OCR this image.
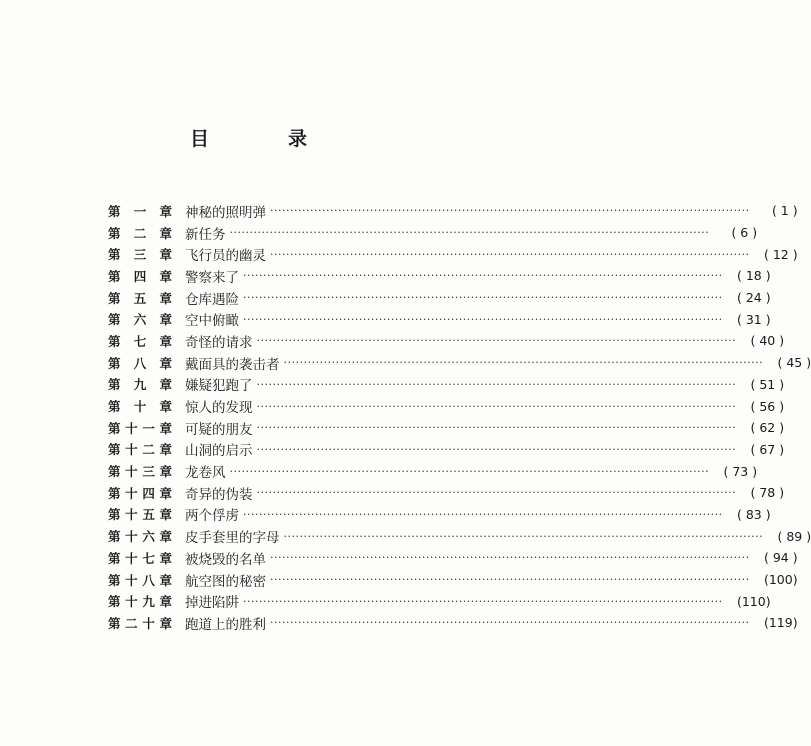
目　录
第 一 章 神秘的照明弹 ························································································································	( 1 )
第 二 章 新任务 ························································································································	( 6 )
第 三 章 飞行员的幽灵 ························································································································	( 12 )
第 四 章 警察来了 ························································································································	( 18 )
第 五 章 仓库遇险 ························································································································	( 24 )
第 六 章 空中俯瞰 ························································································································	( 31 )
第 七 章 奇怪的请求 ························································································································	( 40 )
第 八 章 戴面具的袭击者 ························································································································	( 45 )
第 九 章 嫌疑犯跑了 ························································································································	( 51 )
第 十 章 惊人的发现 ························································································································	( 56 )
第 十 一 章 可疑的朋友 ························································································································	( 62 )
第 十 二 章 山洞的启示 ························································································································	( 67 )
第 十 三 章 龙卷风 ························································································································	( 73 )
第 十 四 章 奇异的伪装 ························································································································	( 78 )
第 十 五 章 两个俘虏 ························································································································	( 83 )
第 十 六 章 皮手套里的字母 ························································································································	( 89 )
第 十 七 章 被烧毁的名单 ························································································································	( 94 )
第 十 八 章 航空图的秘密 ························································································································	(100)
第 十 九 章 掉进陷阱 ························································································································	(110)
第 二 十 章 跑道上的胜利 ························································································································	(119)
